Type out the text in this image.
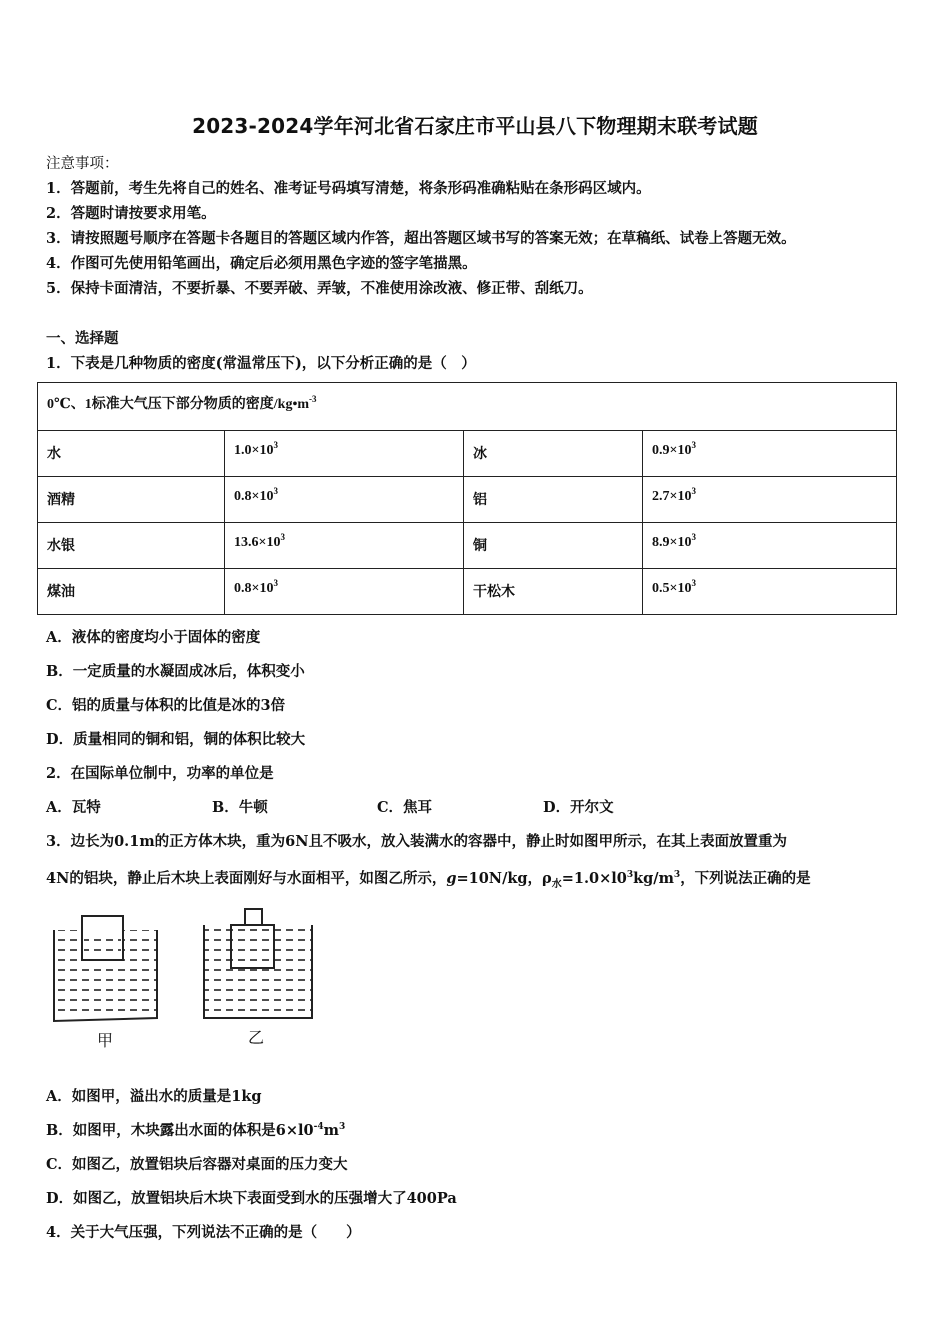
2023-2024学年河北省石家庄市平山县八下物理期末联考试题
注意事项：
1．答题前，考生先将自己的姓名、准考证号码填写清楚，将条形码准确粘贴在条形码区域内。
2．答题时请按要求用笔。
3．请按照题号顺序在答题卡各题目的答题区域内作答，超出答题区域书写的答案无效；在草稿纸、试卷上答题无效。
4．作图可先使用铅笔画出，确定后必须用黑色字迹的签字笔描黑。
5．保持卡面清洁，不要折暴、不要弄破、弄皱，不准使用涂改液、修正带、刮纸刀。
一、选择题
1．下表是几种物质的密度(常温常压下)，以下分析正确的是（　）
0℃、1标准大气压下部分物质的密度$/kg•m^{-3}$
水	$1.0\times 10^3$	冰	$0.9\times 10^3$
酒精	$0.8\times 10^3$	铝	$2.7\times 10^3$
水银	$13.6\times 10^3$	铜	$8.9\times 10^3$
煤油	$0.8\times 10^3$	干松木	$0.5\times 10^3$
A．液体的密度均小于固体的密度
B．一定质量的水凝固成冰后，体积变小
C．铝的质量与体积的比值是冰的3倍
D．质量相同的铜和铝，铜的体积比较大
2．在国际单位制中，功率的单位是
A．瓦特	B．牛顿	C．焦耳	D．开尔文
3．边长为0.1m的正方体木块，重为6N且不吸水，放入装满水的容器中，静止时如图甲所示，在其上表面放置重为
4N的铝块，静止后木块上表面刚好与水面相平，如图乙所示，g=10N/kg，$\rho_水=1.0\times l0^3kg/m^3$，下列说法正确的是
甲	乙
A．如图甲，溢出水的质量是1kg
B．如图甲，木块露出水面的体积是$6\times l0^{-4}m^3$
C．如图乙，放置铝块后容器对桌面的压力变大
D．如图乙，放置铝块后木块下表面受到水的压强增大了400Pa
4．关于大气压强，下列说法不正确的是（　　）
